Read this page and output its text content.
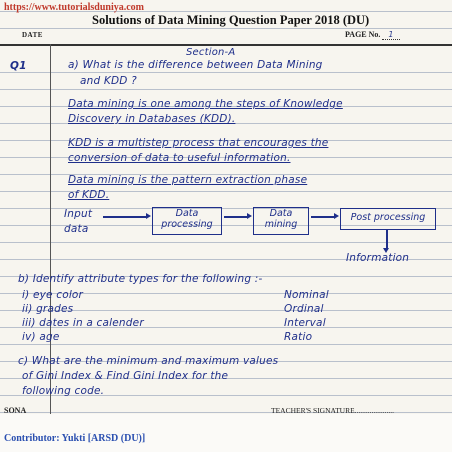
https://www.tutorialsduniya.com
DATE
Solutions of Data Mining Question Paper 2018 (DU)
PAGE No. 1
Section-A
Q1	a) What is the difference between Data Mining
and KDD ?
Data mining is one among the steps of Knowledge
Discovery in Databases (KDD).
KDD is a multistep process that encourages the
conversion of data to useful information.
Data mining is the pattern extraction phase
of KDD.
Input
data
Data
processing
Data
mining
Post processing
Information
b) Identify attribute types for the following :-
i) eye color	Nominal
ii) grades	Ordinal
iii) dates in a calender	Interval
iv) age	Ratio
c) What are the minimum and maximum values
of Gini Index & Find Gini Index for the
following code.
SONA	TEACHER'S SIGNATURE.....................
Contributor: Yukti [ARSD (DU)]
